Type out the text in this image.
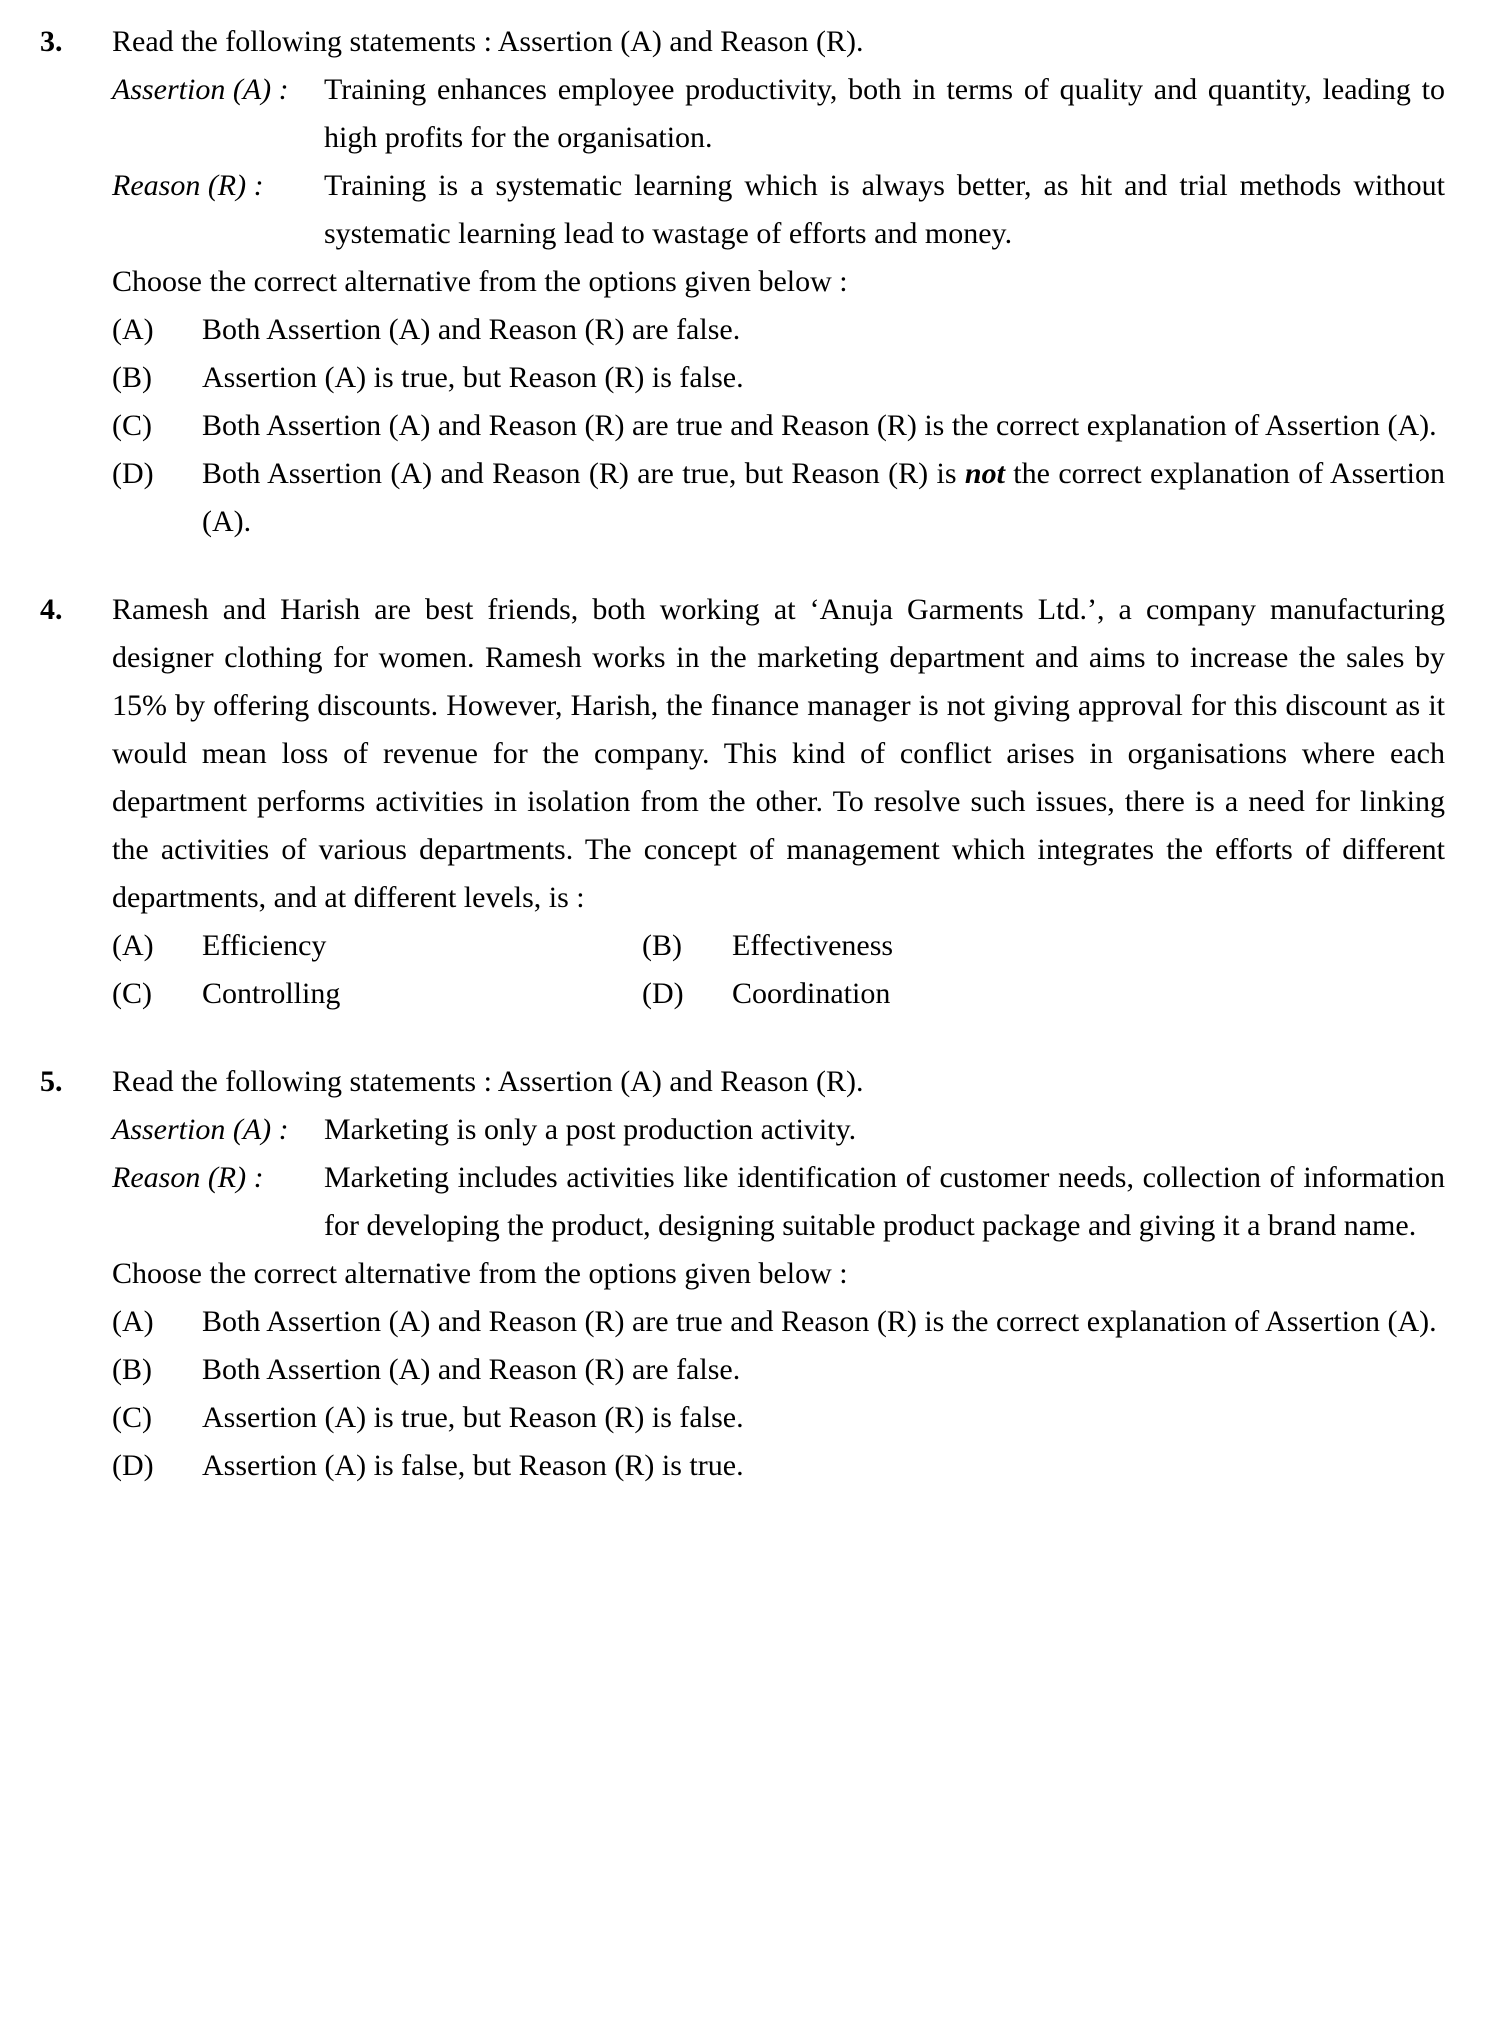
3.	Read the following statements : Assertion (A) and Reason (R).
Assertion (A) :	Training enhances employee productivity, both in terms of quality and quantity, leading to high profits for the organisation.
Reason (R) :	Training is a systematic learning which is always better, as hit and trial methods without systematic learning lead to wastage of efforts and money.
Choose the correct alternative from the options given below :
(A)	Both Assertion (A) and Reason (R) are false.
(B)	Assertion (A) is true, but Reason (R) is false.
(C)	Both Assertion (A) and Reason (R) are true and Reason (R) is the correct explanation of Assertion (A).
(D)	Both Assertion (A) and Reason (R) are true, but Reason (R) is not the correct explanation of Assertion (A).
4.	Ramesh and Harish are best friends, both working at ‘Anuja Garments Ltd.’, a company manufacturing designer clothing for women. Ramesh works in the marketing department and aims to increase the sales by 15% by offering discounts. However, Harish, the finance manager is not giving approval for this discount as it would mean loss of revenue for the company. This kind of conflict arises in organisations where each department performs activities in isolation from the other. To resolve such issues, there is a need for linking the activities of various departments. The concept of management which integrates the efforts of different departments, and at different levels, is :
(A)	Efficiency	(B)	Effectiveness
(C)	Controlling	(D)	Coordination
5.	Read the following statements : Assertion (A) and Reason (R).
Assertion (A) :	Marketing is only a post production activity.
Reason (R) :	Marketing includes activities like identification of customer needs, collection of information for developing the product, designing suitable product package and giving it a brand name.
Choose the correct alternative from the options given below :
(A)	Both Assertion (A) and Reason (R) are true and Reason (R) is the correct explanation of Assertion (A).
(B)	Both Assertion (A) and Reason (R) are false.
(C)	Assertion (A) is true, but Reason (R) is false.
(D)	Assertion (A) is false, but Reason (R) is true.
